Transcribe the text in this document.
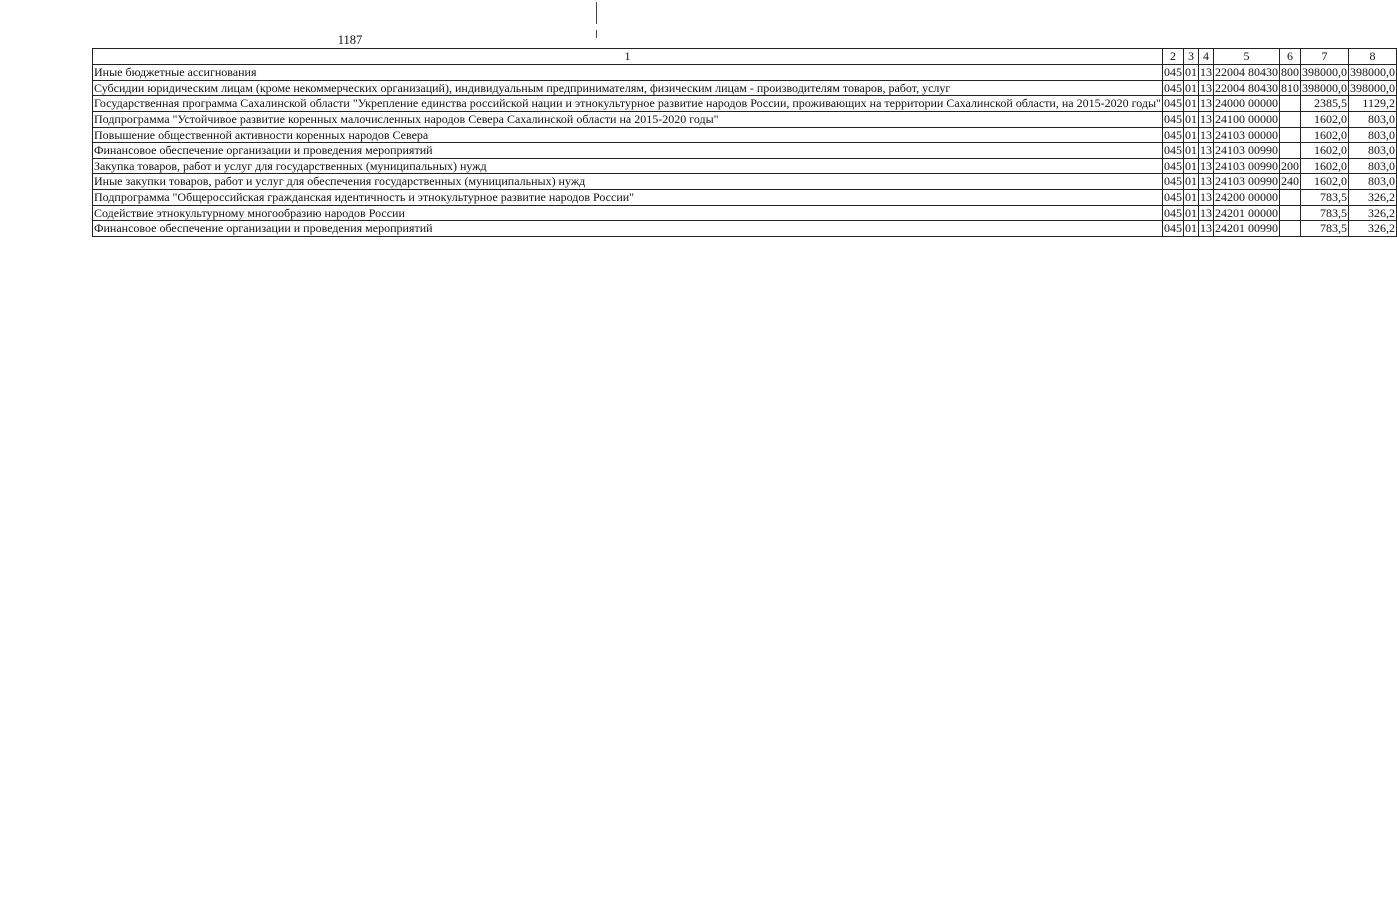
1187
1	2	3	4	5	6	7	8
Иные бюджетные ассигнования	045	01	13	22004 80430	800	398000,0	398000,0
Субсидии юридическим лицам (кроме некоммерческих организаций), индивидуальным предпринимателям, физическим лицам - производителям товаров, работ, услуг	045	01	13	22004 80430	810	398000,0	398000,0
Государственная программа Сахалинской области "Укрепление единства российской нации и этнокультурное развитие народов России, проживающих на территории Сахалинской области, на 2015-2020 годы"	045	01	13	24000 00000		2385,5	1129,2
Подпрограмма "Устойчивое развитие коренных малочисленных народов Севера Сахалинской области на 2015-2020 годы"	045	01	13	24100 00000		1602,0	803,0
Повышение общественной активности коренных народов Севера	045	01	13	24103 00000		1602,0	803,0
Финансовое обеспечение организации и проведения мероприятий	045	01	13	24103 00990		1602,0	803,0
Закупка товаров, работ и услуг для государственных (муниципальных) нужд	045	01	13	24103 00990	200	1602,0	803,0
Иные закупки товаров, работ и услуг для обеспечения государственных (муниципальных) нужд	045	01	13	24103 00990	240	1602,0	803,0
Подпрограмма "Общероссийская гражданская идентичность и этнокультурное развитие народов России"	045	01	13	24200 00000		783,5	326,2
Содействие этнокультурному многообразию народов России	045	01	13	24201 00000		783,5	326,2
Финансовое обеспечение организации и проведения мероприятий	045	01	13	24201 00990		783,5	326,2
